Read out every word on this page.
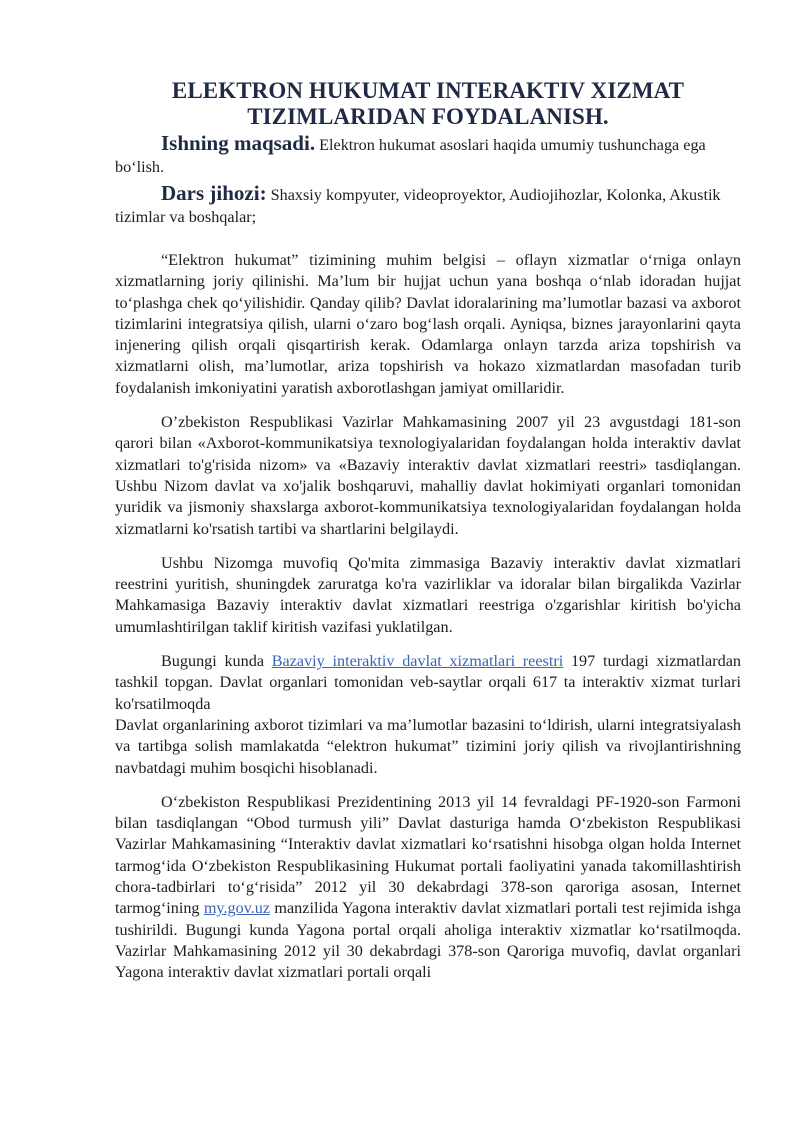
ELEKTRON HUKUMAT INTERAKTIV XIZMAT
TIZIMLARIDAN FOYDALANISH.

Ishning maqsadi. Elektron hukumat asoslari haqida umumiy tushunchaga ega boʻlish.

Dars jihozi: Shaxsiy kompyuter, videoproyektor, Audiojihozlar, Kolonka, Akustik tizimlar va boshqalar;

“Elektron hukumat” tizimining muhim belgisi – oflayn xizmatlar oʻrniga onlayn xizmatlarning joriy qilinishi. Ma’lum bir hujjat uchun yana boshqa oʻnlab idoradan hujjat toʻplashga chek qoʻyilishidir. Qanday qilib? Davlat idoralarining ma’lumotlar bazasi va axborot tizimlarini integratsiya qilish, ularni oʻzaro bogʻlash orqali. Ayniqsa, biznes jarayonlarini qayta injenering qilish orqali qisqartirish kerak. Odamlarga onlayn tarzda ariza topshirish va xizmatlarni olish, ma’lumotlar, ariza topshirish va hokazo xizmatlardan masofadan turib foydalanish imkoniyatini yaratish axborotlashgan jamiyat omillaridir.

O’zbekiston Respublikasi Vazirlar Mahkamasining 2007 yil 23 avgustdagi 181-son qarori bilan «Axborot-kommunikatsiya texnologiyalaridan foydalangan holda interaktiv davlat xizmatlari to'g'risida nizom» va «Bazaviy interaktiv davlat xizmatlari reestri» tasdiqlangan. Ushbu Nizom davlat va xo'jalik boshqaruvi, mahalliy davlat hokimiyati organlari tomonidan yuridik va jismoniy shaxslarga axborot-kommunikatsiya texnologiyalaridan foydalangan holda xizmatlarni ko'rsatish tartibi va shartlarini belgilaydi.

Ushbu Nizomga muvofiq Qo'mita zimmasiga Bazaviy interaktiv davlat xizmatlari reestrini yuritish, shuningdek zaruratga ko'ra vazirliklar va idoralar bilan birgalikda Vazirlar Mahkamasiga Bazaviy interaktiv davlat xizmatlari reestriga o'zgarishlar kiritish bo'yicha umumlashtirilgan taklif kiritish vazifasi yuklatilgan.

Bugungi kunda Bazaviy interaktiv davlat xizmatlari reestri 197 turdagi xizmatlardan tashkil topgan. Davlat organlari tomonidan veb-saytlar orqali 617 ta interaktiv xizmat turlari ko'rsatilmoqda

Davlat organlarining axborot tizimlari va ma’lumotlar bazasini toʻldirish, ularni integratsiyalash va tartibga solish mamlakatda “elektron hukumat” tizimini joriy qilish va rivojlantirishning navbatdagi muhim bosqichi hisoblanadi.

Oʻzbekiston Respublikasi Prezidentining 2013 yil 14 fevraldagi PF-1920-son Farmoni bilan tasdiqlangan “Obod turmush yili” Davlat dasturiga hamda Oʻzbekiston Respublikasi Vazirlar Mahkamasining “Interaktiv davlat xizmatlari koʻrsatishni hisobga olgan holda Internet tarmogʻida Oʻzbekiston Respublikasining Hukumat portali faoliyatini yanada takomillashtirish chora-tadbirlari toʻgʻrisida” 2012 yil 30 dekabrdagi 378-son qaroriga asosan, Internet tarmogʻining my.gov.uz manzilida Yagona interaktiv davlat xizmatlari portali test rejimida ishga tushirildi. Bugungi kunda Yagona portal orqali aholiga interaktiv xizmatlar koʻrsatilmoqda. Vazirlar Mahkamasining 2012 yil 30 dekabrdagi 378-son Qaroriga muvofiq, davlat organlari Yagona interaktiv davlat xizmatlari portali orqali
